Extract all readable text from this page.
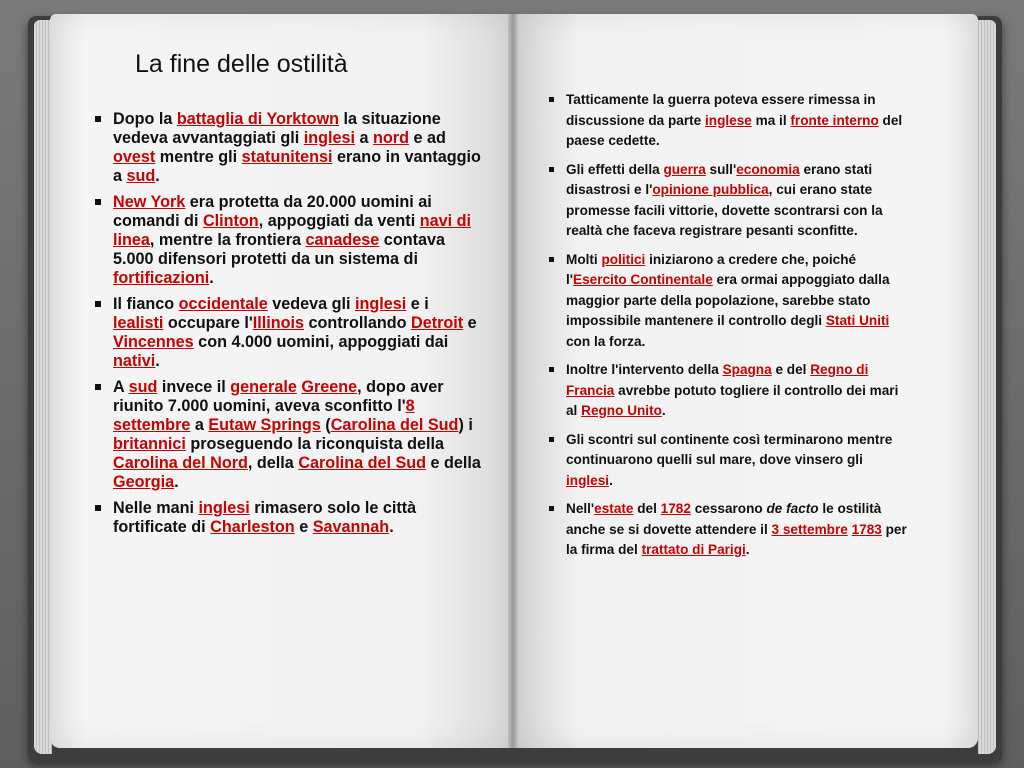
La fine delle ostilità
Dopo la battaglia di Yorktown la situazione vedeva avvantaggiati gli inglesi a nord e ad ovest mentre gli statunitensi erano in vantaggio a sud.
New York era protetta da 20.000 uomini ai comandi di Clinton, appoggiati da venti navi di linea, mentre la frontiera canadese contava 5.000 difensori protetti da un sistema di fortificazioni.
Il fianco occidentale vedeva gli inglesi e i lealisti occupare l'Illinois controllando Detroit e Vincennes con 4.000 uomini, appoggiati dai nativi.
A sud invece il generale Greene, dopo aver riunito 7.000 uomini, aveva sconfitto l'8 settembre a Eutaw Springs (Carolina del Sud) i britannici proseguendo la riconquista della Carolina del Nord, della Carolina del Sud e della Georgia.
Nelle mani inglesi rimasero solo le città fortificate di Charleston e Savannah.
Tatticamente la guerra poteva essere rimessa in discussione da parte inglese ma il fronte interno del paese cedette.
Gli effetti della guerra sull'economia erano stati disastrosi e l'opinione pubblica, cui erano state promesse facili vittorie, dovette scontrarsi con la realtà che faceva registrare pesanti sconfitte.
Molti politici iniziarono a credere che, poiché l'Esercito Continentale era ormai appoggiato dalla maggior parte della popolazione, sarebbe stato impossibile mantenere il controllo degli Stati Uniti con la forza.
Inoltre l'intervento della Spagna e del Regno di Francia avrebbe potuto togliere il controllo dei mari al Regno Unito.
Gli scontri sul continente così terminarono mentre continuarono quelli sul mare, dove vinsero gli inglesi.
Nell'estate del 1782 cessarono de facto le ostilità anche se si dovette attendere il 3 settembre 1783 per la firma del trattato di Parigi.
